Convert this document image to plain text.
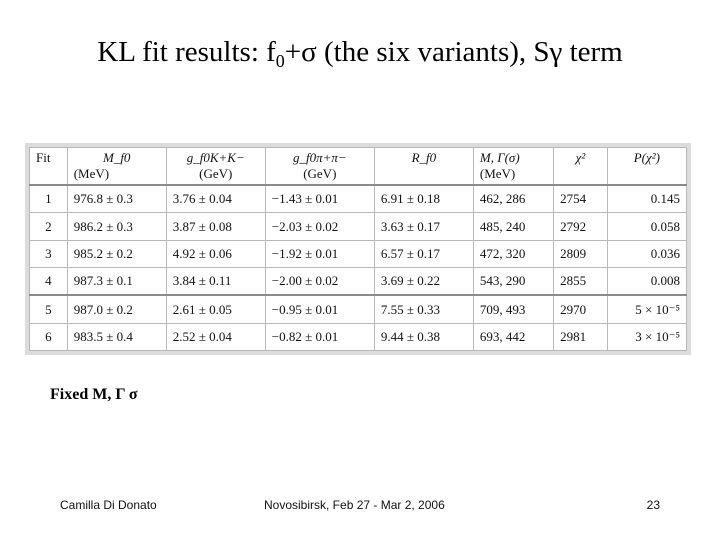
KL fit results: $f_0+\sigma$ (the six variants), Sγ term
Fit	M_f0	g_f0K+K−	g_f0π+π−	R_f0	M, Γ(σ)	χ²	P(χ²)
	(MeV)	(GeV)	(GeV)		(MeV)		
1	976.8 ± 0.3	3.76 ± 0.04	−1.43 ± 0.01	6.91 ± 0.18	462, 286	2754	0.145
2	986.2 ± 0.3	3.87 ± 0.08	−2.03 ± 0.02	3.63 ± 0.17	485, 240	2792	0.058
3	985.2 ± 0.2	4.92 ± 0.06	−1.92 ± 0.01	6.57 ± 0.17	472, 320	2809	0.036
4	987.3 ± 0.1	3.84 ± 0.11	−2.00 ± 0.02	3.69 ± 0.22	543, 290	2855	0.008
5	987.0 ± 0.2	2.61 ± 0.05	−0.95 ± 0.01	7.55 ± 0.33	709, 493	2970	5 × 10⁻⁵
6	983.5 ± 0.4	2.52 ± 0.04	−0.82 ± 0.01	9.44 ± 0.38	693, 442	2981	3 × 10⁻⁵
Fixed M, Γ σ
Camilla Di Donato	Novosibirsk, Feb 27 - Mar 2, 2006	23
